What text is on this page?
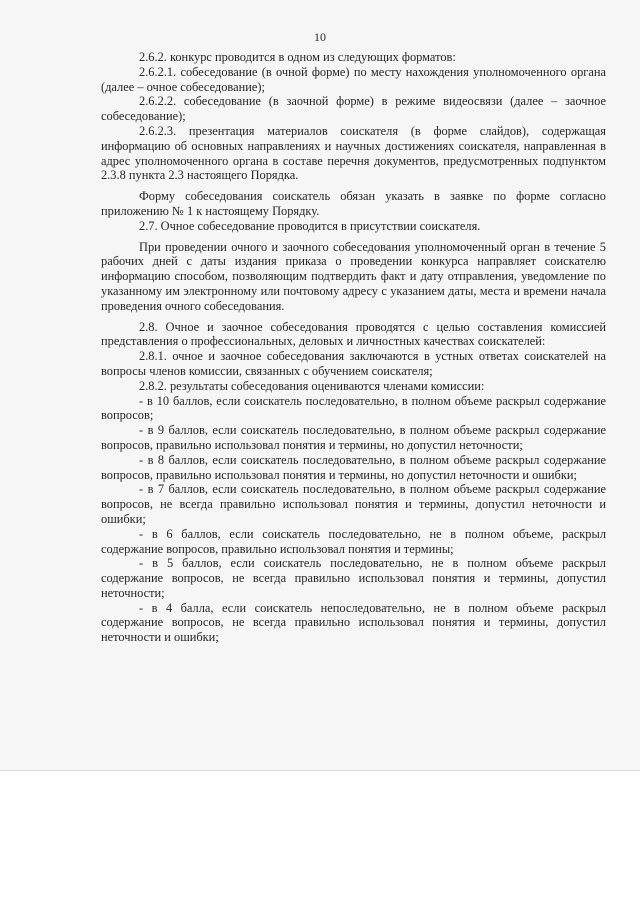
10

2.6.2. конкурс проводится в одном из следующих форматов:

2.6.2.1. собеседование (в очной форме) по месту нахождения уполномоченного органа (далее – очное собеседование);

2.6.2.2. собеседование (в заочной форме) в режиме видеосвязи (далее – заочное собеседование);

2.6.2.3. презентация материалов соискателя (в форме слайдов), содержащая информацию об основных направлениях и научных достижениях соискателя, направленная в адрес уполномоченного органа в составе перечня документов, предусмотренных подпунктом 2.3.8 пункта 2.3 настоящего Порядка.

Форму собеседования соискатель обязан указать в заявке по форме согласно приложению № 1 к настоящему Порядку.

2.7. Очное собеседование проводится в присутствии соискателя.

При проведении очного и заочного собеседования уполномоченный орган в течение 5 рабочих дней с даты издания приказа о проведении конкурса направляет соискателю информацию способом, позволяющим подтвердить факт и дату отправления, уведомление по указанному им электронному или почтовому адресу с указанием даты, места и времени начала проведения очного собеседования.

2.8. Очное и заочное собеседования проводятся с целью составления комиссией представления о профессиональных, деловых и личностных качествах соискателей:

2.8.1. очное и заочное собеседования заключаются в устных ответах соискателей на вопросы членов комиссии, связанных с обучением соискателя;

2.8.2. результаты собеседования оцениваются членами комиссии:

- в 10 баллов, если соискатель последовательно, в полном объеме раскрыл содержание вопросов;

- в 9 баллов, если соискатель последовательно, в полном объеме раскрыл содержание вопросов, правильно использовал понятия и термины, но допустил неточности;

- в 8 баллов, если соискатель последовательно, в полном объеме раскрыл содержание вопросов, правильно использовал понятия и термины, но допустил неточности и ошибки;

- в 7 баллов, если соискатель последовательно, в полном объеме раскрыл содержание вопросов, не всегда правильно использовал понятия и термины, допустил неточности и ошибки;

- в 6 баллов, если соискатель последовательно, не в полном объеме, раскрыл содержание вопросов, правильно использовал понятия и термины;

- в 5 баллов, если соискатель последовательно, не в полном объеме раскрыл содержание вопросов, не всегда правильно использовал понятия и термины, допустил неточности;

- в 4 балла, если соискатель непоследовательно, не в полном объеме раскрыл содержание вопросов, не всегда правильно использовал понятия и термины, допустил неточности и ошибки;
